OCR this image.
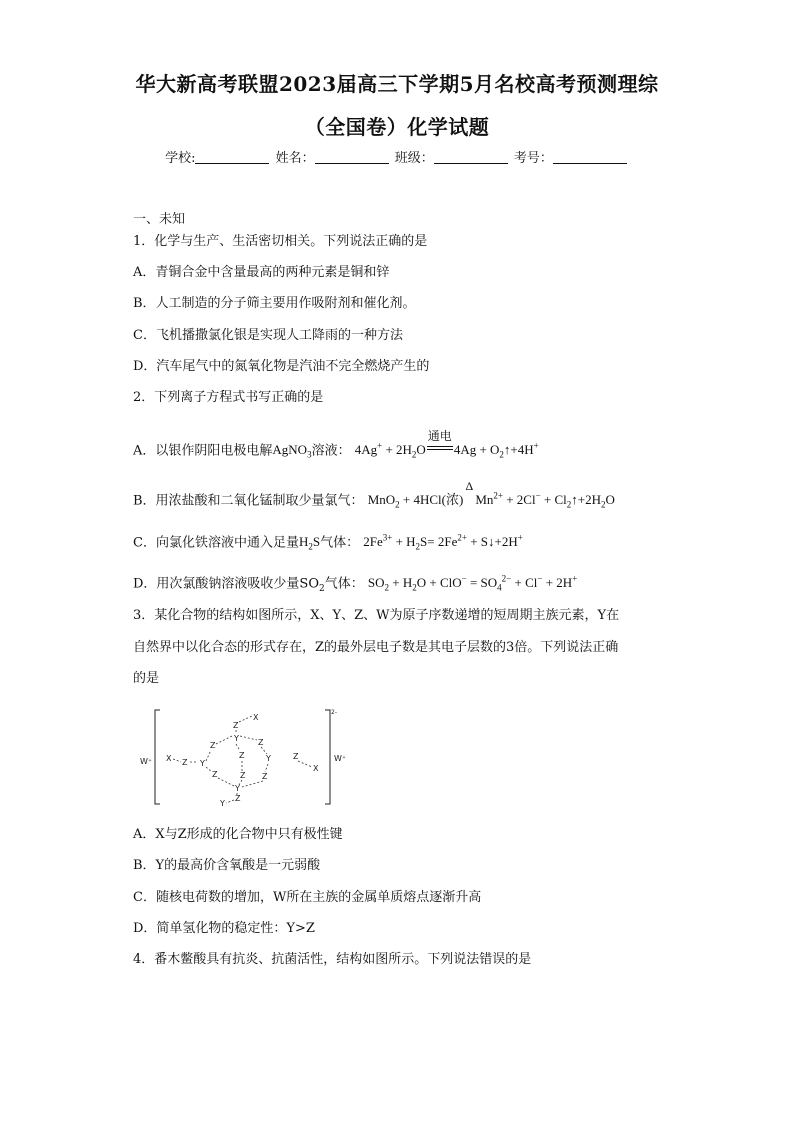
华大新高考联盟2023届高三下学期5月名校高考预测理综
（全国卷）化学试题
学校:	姓名：	班级：	考号：
一、未知
1．化学与生产、生活密切相关。下列说法正确的是
A．青铜合金中含量最高的两种元素是铜和锌
B．人工制造的分子筛主要用作吸附剂和催化剂。
C．飞机播撒氯化银是实现人工降雨的一种方法
D．汽车尾气中的氮氧化物是汽油不完全燃烧产生的
2．下列离子方程式书写正确的是
A．以银作阴阳电极电解AgNO$_3$溶液： $4Ag^+ + 2H_2O$
通电
$4Ag + O_2↑+4H^+$
B．用浓盐酸和二氧化锰制取少量氯气： MnO$_2$ + 4HCl(浓)
Δ
$Mn^{2+} + 2Cl^-$ + $Cl_2↑+2H_2O$
C．向氯化铁溶液中通入足量$H_2S$气体： $2Fe^{3+} + H_2S= 2Fe^{2+}$ + S↓+2H+
D．用次氯酸钠溶液吸收少量$SO_2$气体： $SO_2 + H_2O + ClO^- = SO_4^{2-} + Cl^- + 2H^+$
3．某化合物的结构如图所示，X、Y、Z、W为原子序数递增的短周期主族元素，Y在
自然界中以化合态的形式存在，Z的最外层电子数是其电子层数的3倍。下列说法正确
的是
W⁺
2-
W⁺
Z
X
Y
Z	Z
X Z Y
Z	Y
Z	Z Z
Z
X
Y
Z
Y
A．X与Z形成的化合物中只有极性键
B．Y的最高价含氧酸是一元弱酸
C．随核电荷数的增加，W所在主族的金属单质熔点逐渐升高
D．简单氢化物的稳定性：Y>Z
4．番木鳖酸具有抗炎、抗菌活性，结构如图所示。下列说法错误的是
